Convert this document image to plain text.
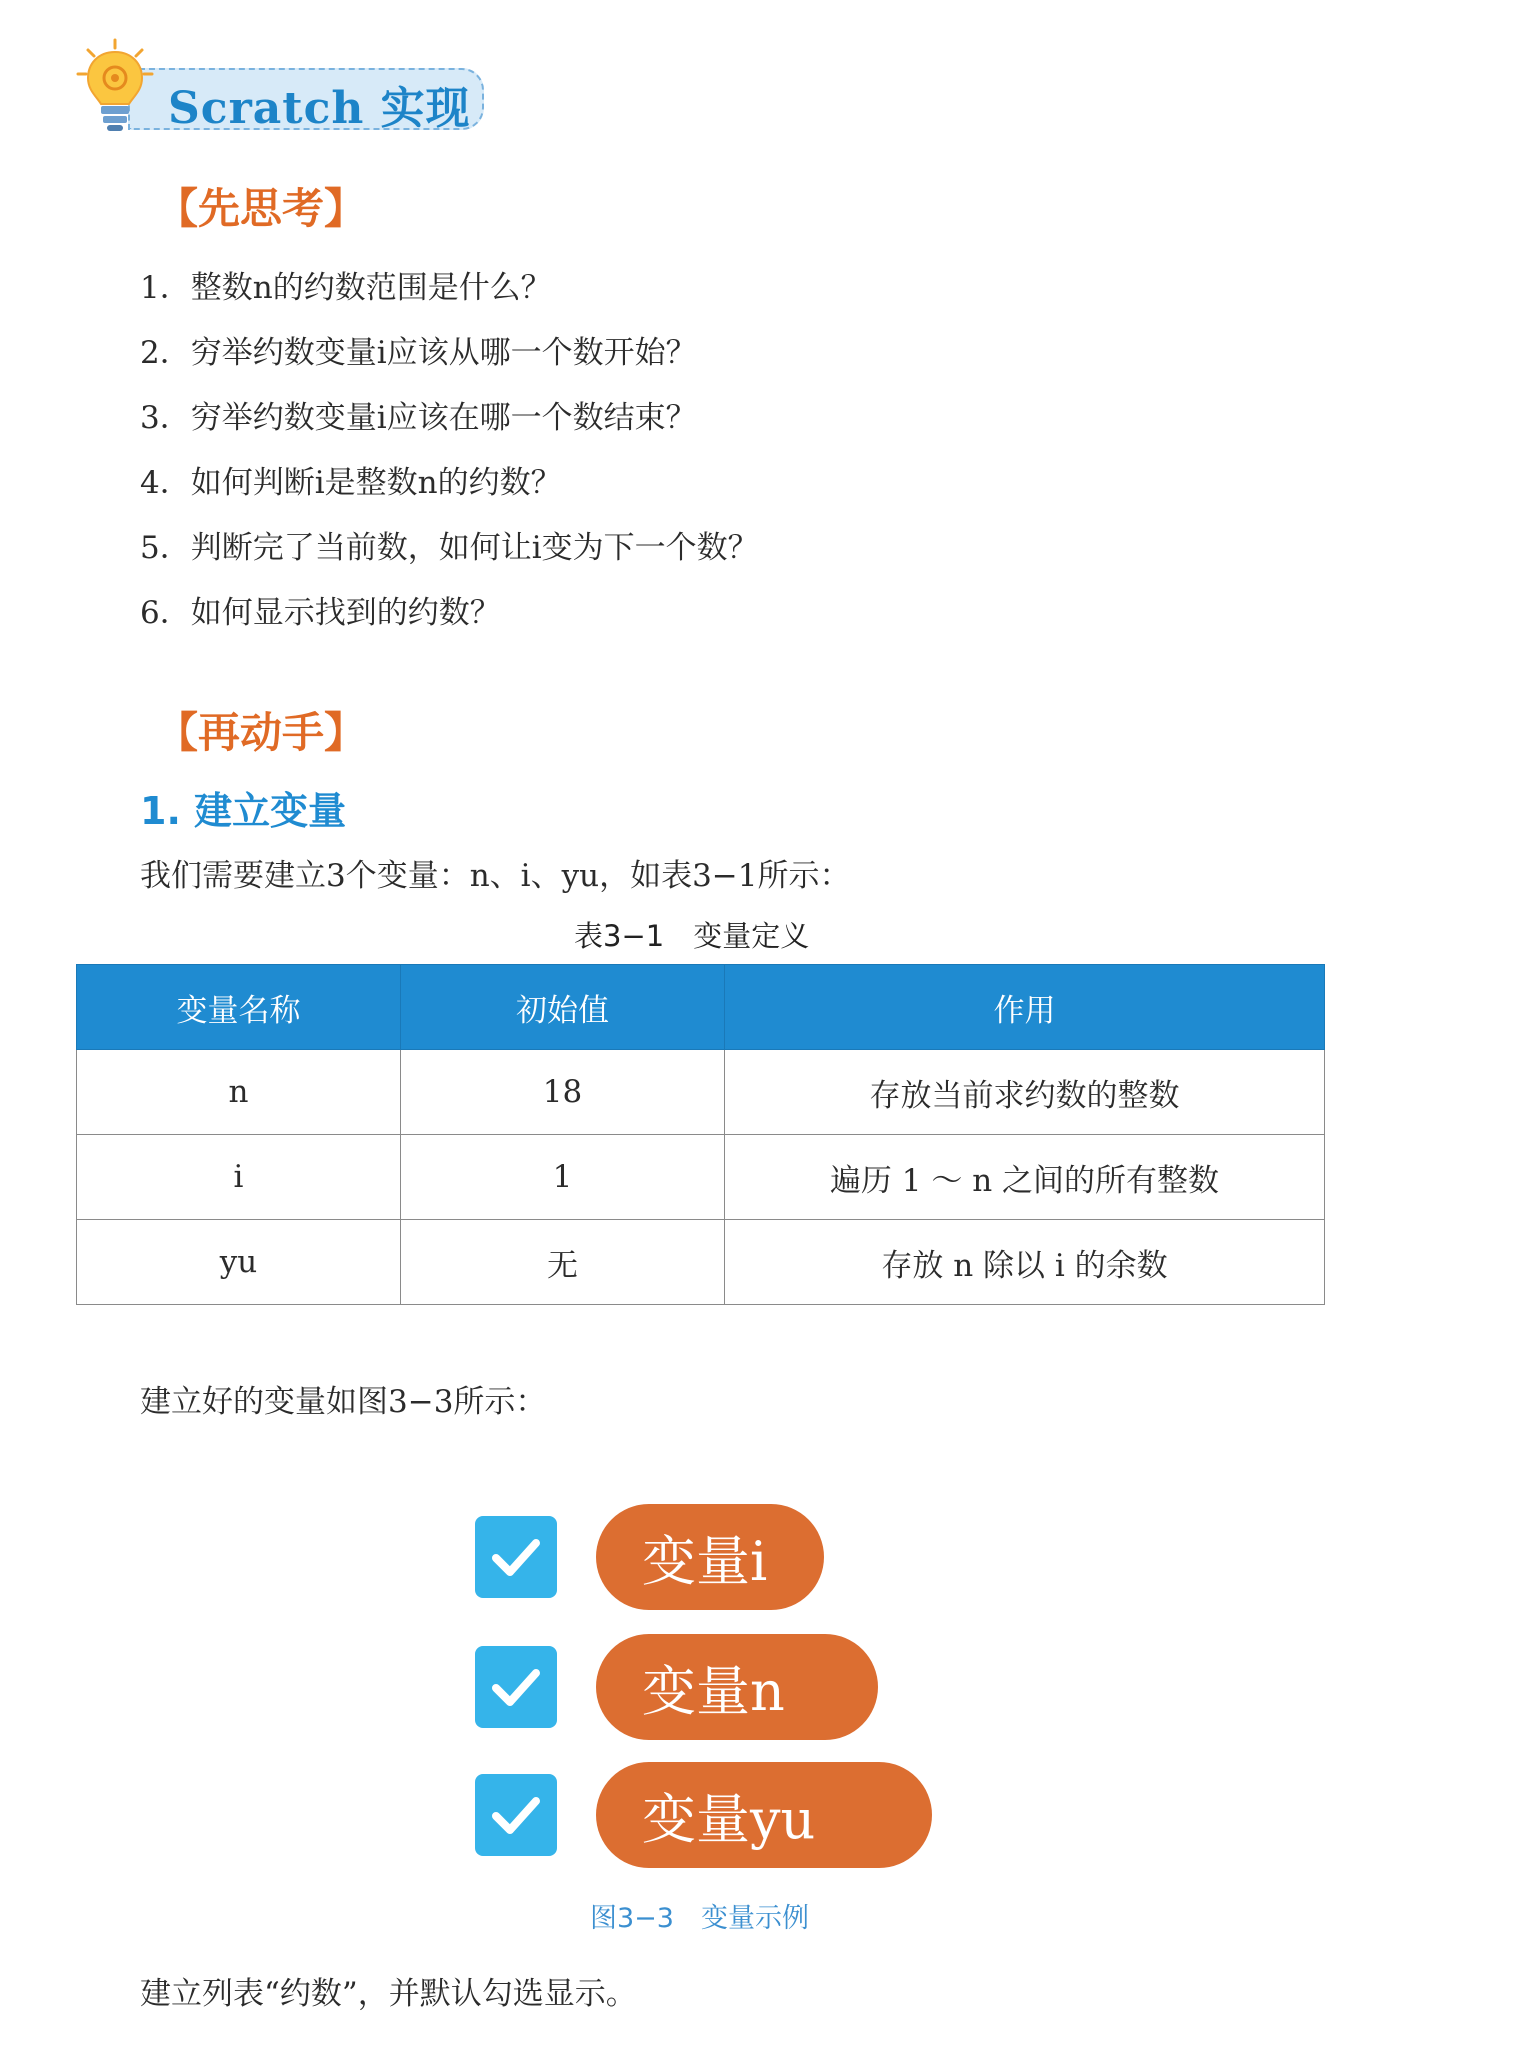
Scratch 实现
【先思考】
1．整数n的约数范围是什么？
2．穷举约数变量i应该从哪一个数开始？
3．穷举约数变量i应该在哪一个数结束？
4．如何判断i是整数n的约数？
5．判断完了当前数，如何让i变为下一个数？
6．如何显示找到的约数？
【再动手】
1. 建立变量
我们需要建立3个变量：n、i、yu，如表3−1所示：
表3−1　变量定义
变量名称	初始值	作用
n	18	存放当前求约数的整数
i	1	遍历 1 ～ n 之间的所有整数
yu	无	存放 n 除以 i 的余数
建立好的变量如图3−3所示：
变量i
变量n
变量yu
图3−3　变量示例
建立列表“约数”，并默认勾选显示。
